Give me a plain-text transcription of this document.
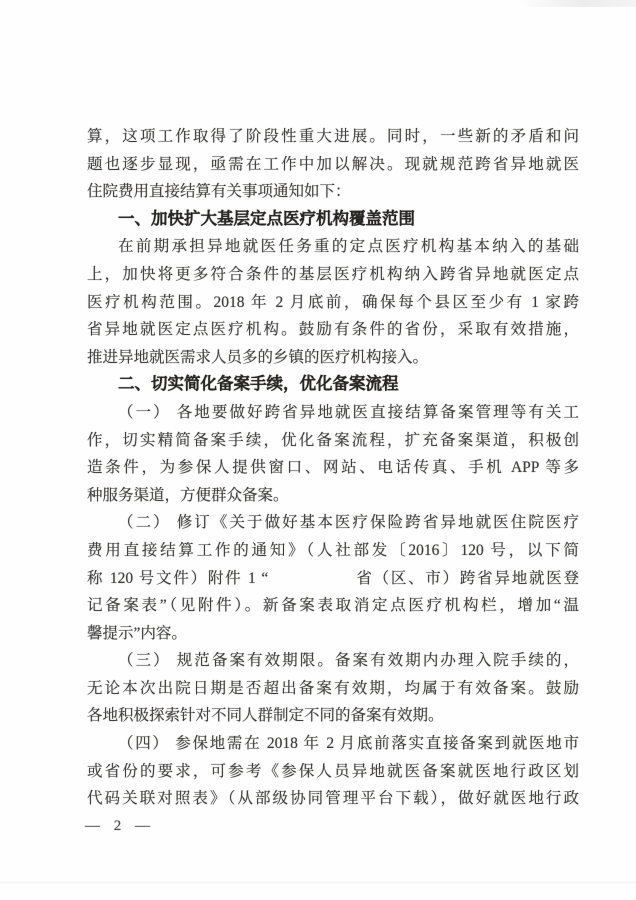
算，这项工作取得了阶段性重大进展。同时，一些新的矛盾和问
题也逐步显现，亟需在工作中加以解决。现就规范跨省异地就医
住院费用直接结算有关事项通知如下：
一、加快扩大基层定点医疗机构覆盖范围
在前期承担异地就医任务重的定点医疗机构基本纳入的基础
上，加快将更多符合条件的基层医疗机构纳入跨省异地就医定点
医疗机构范围。2018 年 2 月底前，确保每个县区至少有 1 家跨
省异地就医定点医疗机构。鼓励有条件的省份，采取有效措施，
推进异地就医需求人员多的乡镇的医疗机构接入。
二、切实简化备案手续，优化备案流程
（一） 各地要做好跨省异地就医直接结算备案管理等有关工
作，切实精简备案手续，优化备案流程，扩充备案渠道，积极创
造条件，为参保人提供窗口、网站、电话传真、手机 APP 等多
种服务渠道，方便群众备案。
（二） 修订《关于做好基本医疗保险跨省异地就医住院医疗
费用直接结算工作的通知》（人社部发〔2016〕120 号，以下简
称 120 号文件）附件 1 “　　　　　省（区、市）跨省异地就医登
记备案表”（见附件）。新备案表取消定点医疗机构栏，增加“温
馨提示”内容。
（三） 规范备案有效期限。备案有效期内办理入院手续的，
无论本次出院日期是否超出备案有效期，均属于有效备案。鼓励
各地积极探索针对不同人群制定不同的备案有效期。
（四） 参保地需在 2018 年 2 月底前落实直接备案到就医地市
或省份的要求，可参考《参保人员异地就医备案就医地行政区划
代码关联对照表》（从部级协同管理平台下载），做好就医地行政
— 2 —
